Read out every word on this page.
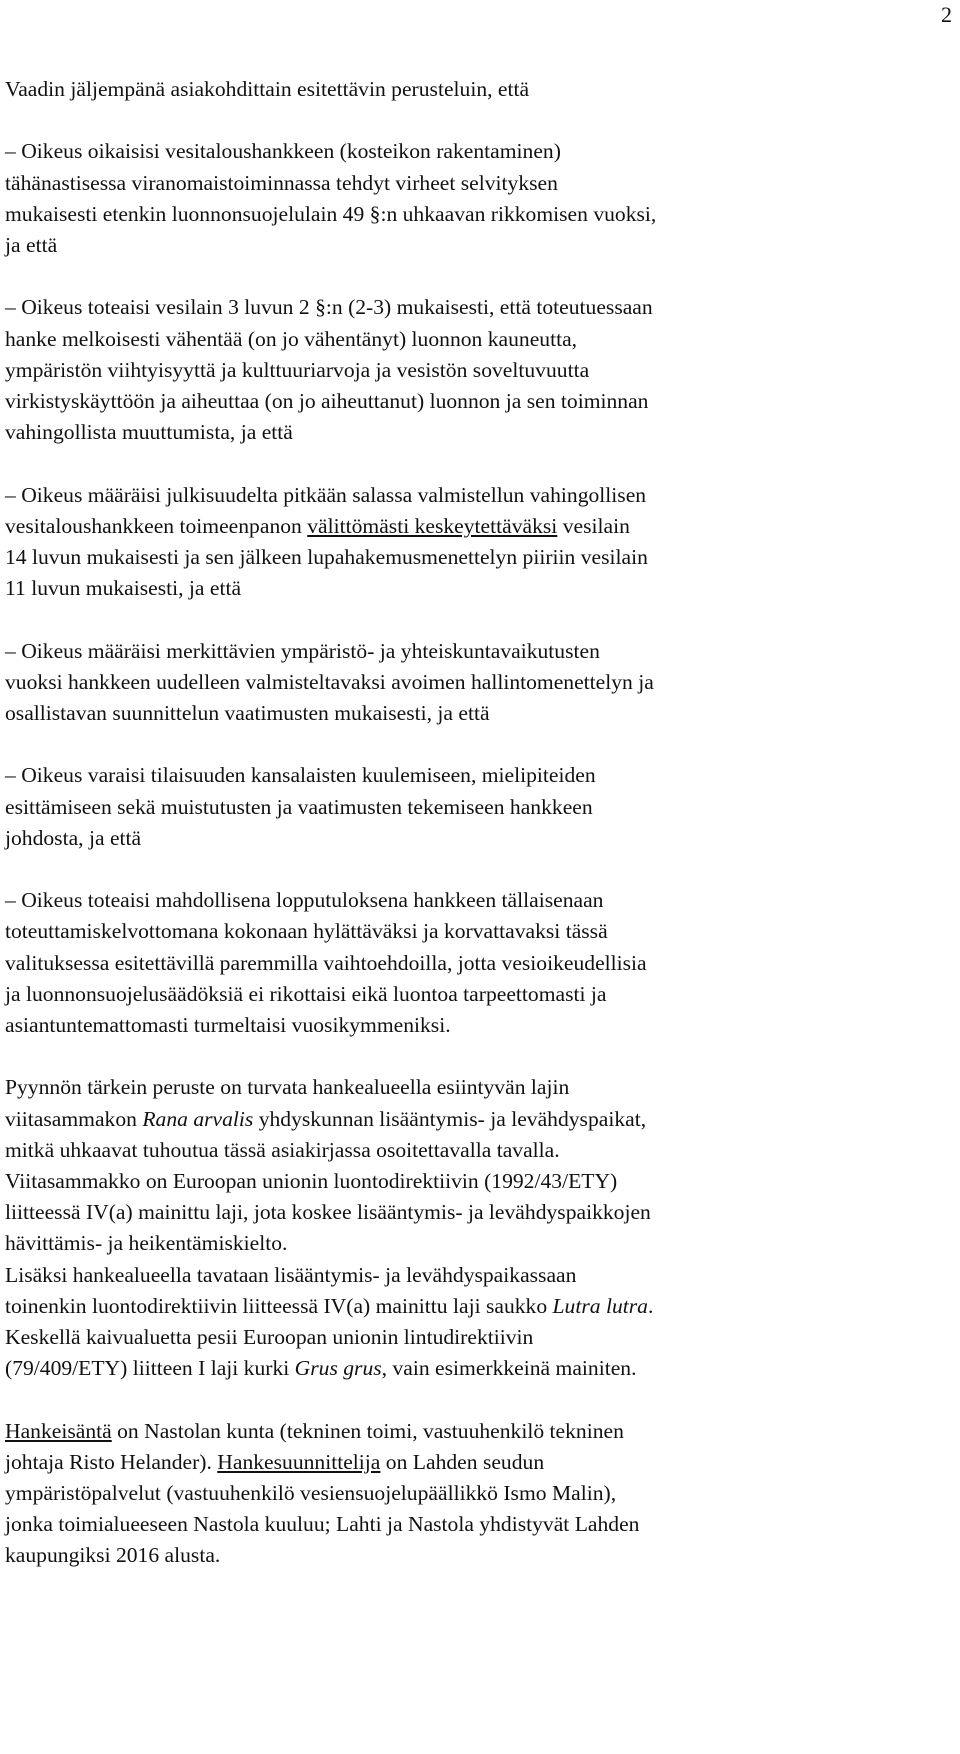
2

Vaadin jäljempänä asiakohdittain esitettävin perusteluin, että

– Oikeus oikaisisi vesitaloushankkeen (kosteikon rakentaminen)

tähänastisessa viranomaistoiminnassa tehdyt virheet selvityksen

mukaisesti etenkin luonnonsuojelulain 49 §:n uhkaavan rikkomisen vuoksi,

ja että

– Oikeus toteaisi vesilain 3 luvun 2 §:n (2-3) mukaisesti, että toteutuessaan

hanke melkoisesti vähentää (on jo vähentänyt) luonnon kauneutta,

ympäristön viihtyisyyttä ja kulttuuriarvoja ja vesistön soveltuvuutta

virkistyskäyttöön ja aiheuttaa (on jo aiheuttanut) luonnon ja sen toiminnan

vahingollista muuttumista, ja että

– Oikeus määräisi julkisuudelta pitkään salassa valmistellun vahingollisen

vesitaloushankkeen toimeenpanon välittömästi keskeytettäväksi vesilain

14 luvun mukaisesti ja sen jälkeen lupahakemusmenettelyn piiriin vesilain

11 luvun mukaisesti, ja että

– Oikeus määräisi merkittävien ympäristö- ja yhteiskuntavaikutusten

vuoksi hankkeen uudelleen valmisteltavaksi avoimen hallintomenettelyn ja

osallistavan suunnittelun vaatimusten mukaisesti, ja että

– Oikeus varaisi tilaisuuden kansalaisten kuulemiseen, mielipiteiden

esittämiseen sekä muistutusten ja vaatimusten tekemiseen hankkeen

johdosta, ja että

– Oikeus toteaisi mahdollisena lopputuloksena hankkeen tällaisenaan

toteuttamiskelvottomana kokonaan hylättäväksi ja korvattavaksi tässä

valituksessa esitettävillä paremmilla vaihtoehdoilla, jotta vesioikeudellisia

ja luonnonsuojelusäädöksiä ei rikottaisi eikä luontoa tarpeettomasti ja

asiantuntemattomasti turmeltaisi vuosikymmeniksi.

Pyynnön tärkein peruste on turvata hankealueella esiintyvän lajin

viitasammakon Rana arvalis yhdyskunnan lisääntymis- ja levähdyspaikat,

mitkä uhkaavat tuhoutua tässä asiakirjassa osoitettavalla tavalla.

Viitasammakko on Euroopan unionin luontodirektiivin (1992/43/ETY)

liitteessä IV(a) mainittu laji, jota koskee lisääntymis- ja levähdyspaikkojen

hävittämis- ja heikentämiskielto.

Lisäksi hankealueella tavataan lisääntymis- ja levähdyspaikassaan

toinenkin luontodirektiivin liitteessä IV(a) mainittu laji saukko Lutra lutra.

Keskellä kaivualuetta pesii Euroopan unionin lintudirektiivin

(79/409/ETY) liitteen I laji kurki Grus grus, vain esimerkkeinä mainiten.

Hankeisäntä on Nastolan kunta (tekninen toimi, vastuuhenkilö tekninen

johtaja Risto Helander). Hankesuunnittelija on Lahden seudun

ympäristöpalvelut (vastuuhenkilö vesiensuojelupäällikkö Ismo Malin),

jonka toimialueeseen Nastola kuuluu; Lahti ja Nastola yhdistyvät Lahden

kaupungiksi 2016 alusta.
